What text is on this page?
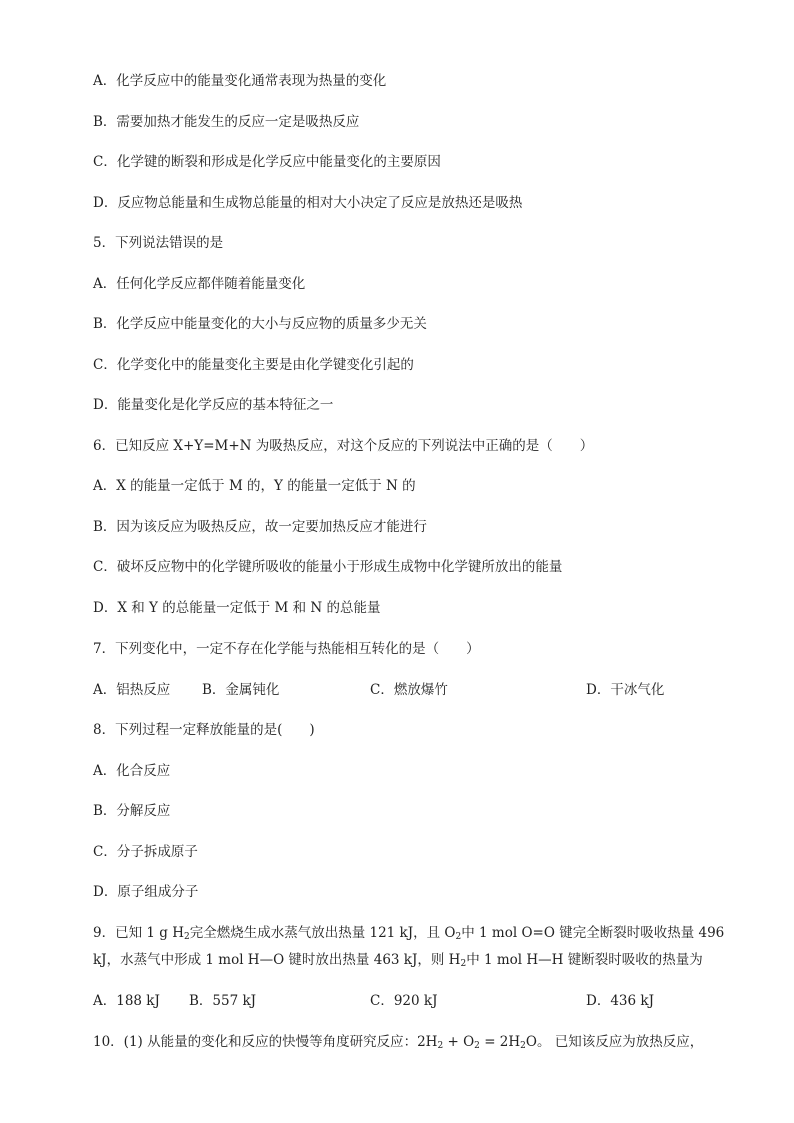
A．化学反应中的能量变化通常表现为热量的变化
B．需要加热才能发生的反应一定是吸热反应
C．化学键的断裂和形成是化学反应中能量变化的主要原因
D．反应物总能量和生成物总能量的相对大小决定了反应是放热还是吸热
5．下列说法错误的是
A．任何化学反应都伴随着能量变化
B．化学反应中能量变化的大小与反应物的质量多少无关
C．化学变化中的能量变化主要是由化学键变化引起的
D．能量变化是化学反应的基本特征之一
6．已知反应 X+Y=M+N 为吸热反应，对这个反应的下列说法中正确的是（　　）
A．X 的能量一定低于 M 的，Y 的能量一定低于 N 的
B．因为该反应为吸热反应，故一定要加热反应才能进行
C．破坏反应物中的化学键所吸收的能量小于形成生成物中化学键所放出的能量
D．X 和 Y 的总能量一定低于 M 和 N 的总能量
7．下列变化中，一定不存在化学能与热能相互转化的是（　　）
A．铝热反应 B．金属钝化	C．燃放爆竹	D．干冰气化
8．下列过程一定释放能量的是(　　)
A．化合反应
B．分解反应
C．分子拆成原子
D．原子组成分子
9．已知 1 g $H_2$完全燃烧生成水蒸气放出热量 121 kJ，且 $O_2$中 1 mol O=O 键完全断裂时吸收热量 496
kJ，水蒸气中形成 1 mol H—O 键时放出热量 463 kJ，则 $H_2$中 1 mol H—H 键断裂时吸收的热量为
A．188 kJ B．557 kJ	C．920 kJ	D．436 kJ
10．(1) 从能量的变化和反应的快慢等角度研究反应：$2H_2 + O_2 = 2H_2O$。 已知该反应为放热反应，
